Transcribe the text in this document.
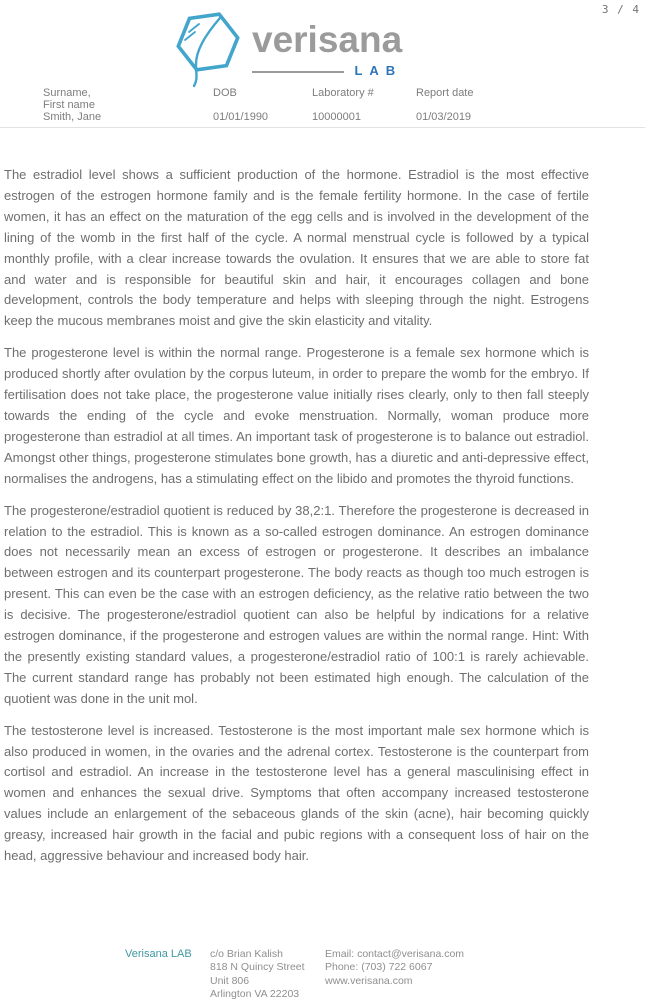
3 / 4
verisana
LAB
Surname,
First name
Smith, Jane
DOB
01/01/1990
Laboratory #
10000001
Report date
01/03/2019

The estradiol level shows a sufficient production of the hormone. Estradiol is the most effective estrogen of the estrogen hormone family and is the female fertility hormone. In the case of fertile women, it has an effect on the maturation of the egg cells and is involved in the development of the lining of the womb in the first half of the cycle. A normal menstrual cycle is followed by a typical monthly profile, with a clear increase towards the ovulation. It ensures that we are able to store fat and water and is responsible for beautiful skin and hair, it encourages collagen and bone development, controls the body temperature and helps with sleeping through the night. Estrogens keep the mucous membranes moist and give the skin elasticity and vitality.

The progesterone level is within the normal range. Progesterone is a female sex hormone which is produced shortly after ovulation by the corpus luteum, in order to prepare the womb for the embryo. If fertilisation does not take place, the progesterone value initially rises clearly, only to then fall steeply towards the ending of the cycle and evoke menstruation. Normally, woman produce more progesterone than estradiol at all times. An important task of progesterone is to balance out estradiol. Amongst other things, progesterone stimulates bone growth, has a diuretic and anti-depressive effect, normalises the androgens, has a stimulating effect on the libido and promotes the thyroid functions.

The progesterone/estradiol quotient is reduced by 38,2:1. Therefore the progesterone is decreased in relation to the estradiol. This is known as a so-called estrogen dominance. An estrogen dominance does not necessarily mean an excess of estrogen or progesterone. It describes an imbalance between estrogen and its counterpart progesterone. The body reacts as though too much estrogen is present. This can even be the case with an estrogen deficiency, as the relative ratio between the two is decisive. The progesterone/estradiol quotient can also be helpful by indications for a relative estrogen dominance, if the progesterone and estrogen values are within the normal range. Hint: With the presently existing standard values, a progesterone/estradiol ratio of 100:1 is rarely achievable. The current standard range has probably not been estimated high enough. The calculation of the quotient was done in the unit mol.

The testosterone level is increased. Testosterone is the most important male sex hormone which is also produced in women, in the ovaries and the adrenal cortex. Testosterone is the counterpart from cortisol and estradiol. An increase in the testosterone level has a general masculinising effect in women and enhances the sexual drive. Symptoms that often accompany increased testosterone values include an enlargement of the sebaceous glands of the skin (acne), hair becoming quickly greasy, increased hair growth in the facial and pubic regions with a consequent loss of hair on the head, aggressive behaviour and increased body hair.

Verisana LAB c/o Brian Kalish
818 N Quincy Street
Unit 806
Arlington VA 22203
Email: contact@verisana.com
Phone: (703) 722 6067
www.verisana.com
